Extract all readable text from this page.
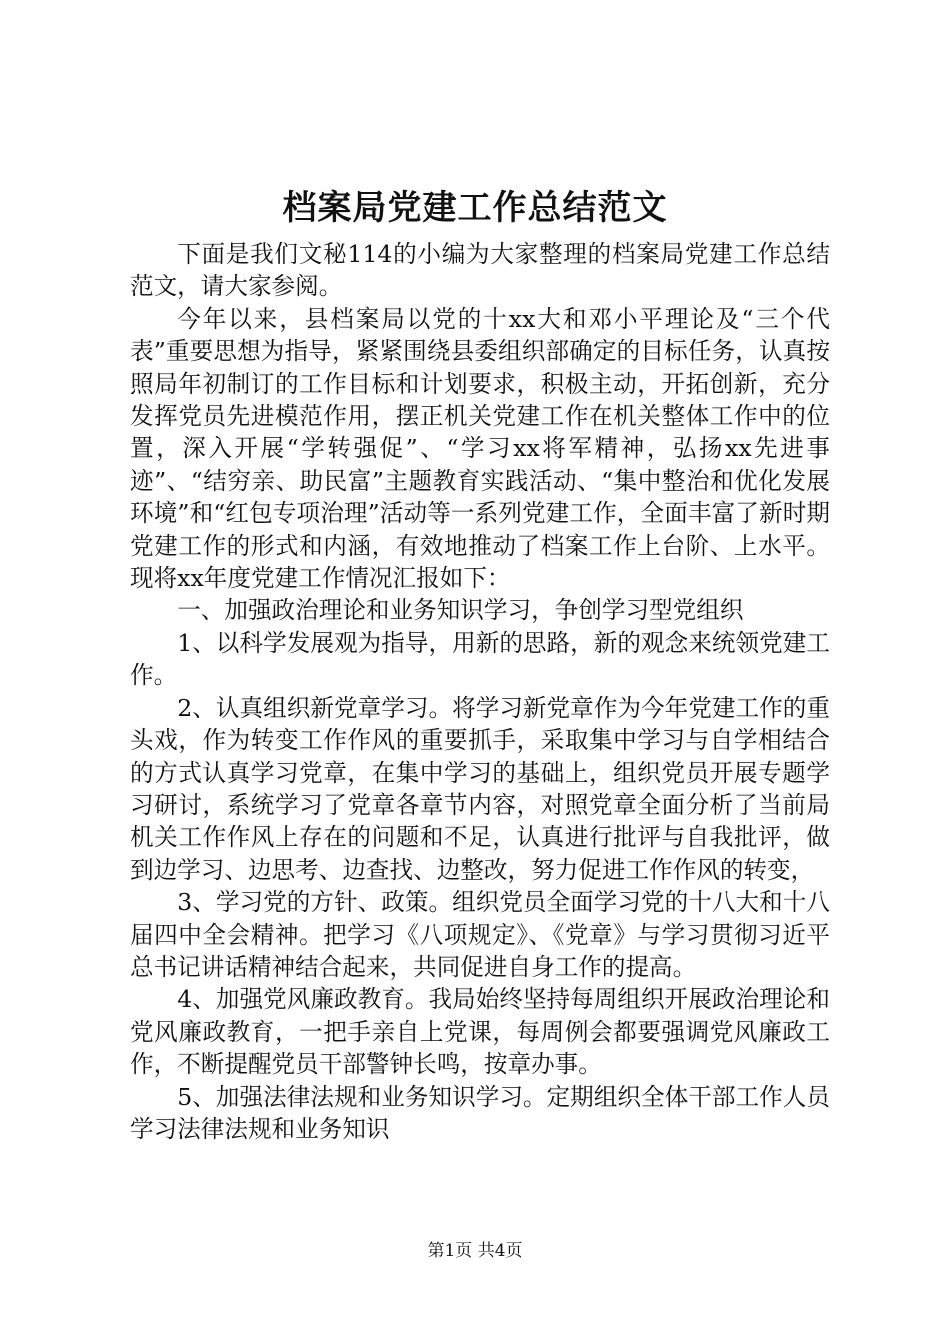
档案局党建工作总结范文

下面是我们文秘114的小编为大家整理的档案局党建工作总结范文，请大家参阅。

今年以来，县档案局以党的十xx大和邓小平理论及“三个代表”重要思想为指导，紧紧围绕县委组织部确定的目标任务，认真按照局年初制订的工作目标和计划要求，积极主动，开拓创新，充分发挥党员先进模范作用，摆正机关党建工作在机关整体工作中的位置，深入开展“学转强促”、“学习xx将军精神，弘扬xx先进事迹”、“结穷亲、助民富”主题教育实践活动、“集中整治和优化发展环境”和“红包专项治理”活动等一系列党建工作，全面丰富了新时期党建工作的形式和内涵，有效地推动了档案工作上台阶、上水平。现将xx年度党建工作情况汇报如下：

一、加强政治理论和业务知识学习，争创学习型党组织

1、以科学发展观为指导，用新的思路，新的观念来统领党建工作。

2、认真组织新党章学习。将学习新党章作为今年党建工作的重头戏，作为转变工作作风的重要抓手，采取集中学习与自学相结合的方式认真学习党章，在集中学习的基础上，组织党员开展专题学习研讨，系统学习了党章各章节内容，对照党章全面分析了当前局机关工作作风上存在的问题和不足，认真进行批评与自我批评，做到边学习、边思考、边查找、边整改，努力促进工作作风的转变，

3、学习党的方针、政策。组织党员全面学习党的十八大和十八届四中全会精神。把学习《八项规定》、《党章》与学习贯彻习近平总书记讲话精神结合起来，共同促进自身工作的提高。

4、加强党风廉政教育。我局始终坚持每周组织开展政治理论和党风廉政教育，一把手亲自上党课，每周例会都要强调党风廉政工作，不断提醒党员干部警钟长鸣，按章办事。

5、加强法律法规和业务知识学习。定期组织全体干部工作人员学习法律法规和业务知识

第1页 共4页
